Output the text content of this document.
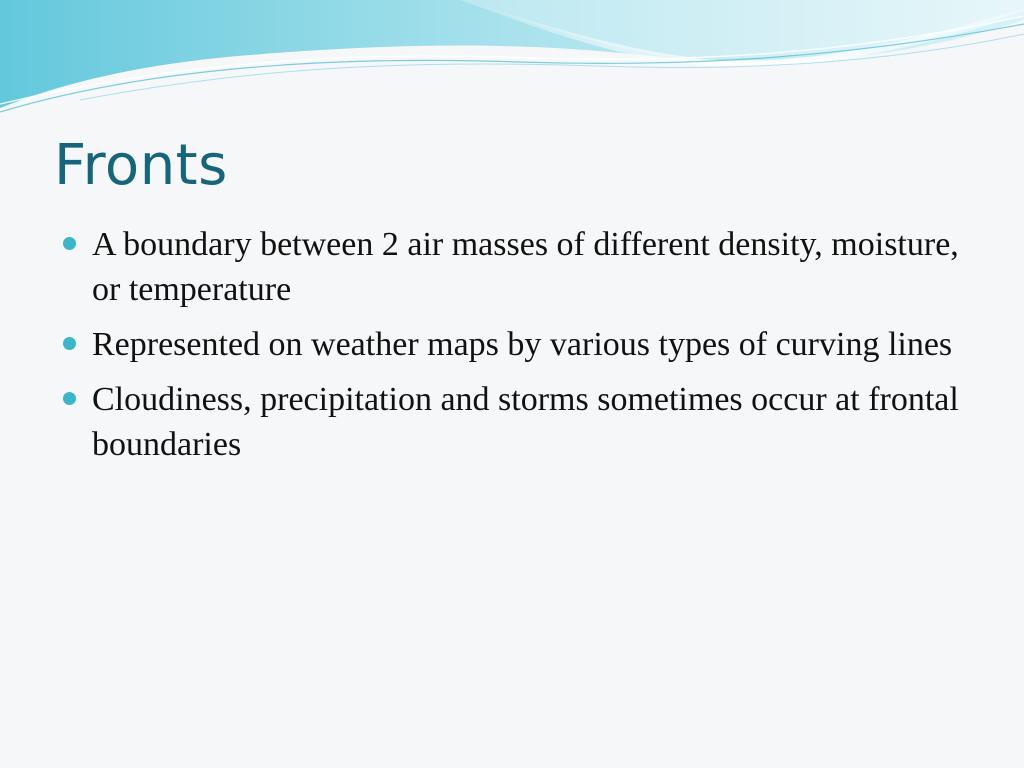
Fronts
A boundary between 2 air masses of different density, moisture, or temperature
Represented on weather maps by various types of curving lines
Cloudiness, precipitation and storms sometimes occur at frontal boundaries
